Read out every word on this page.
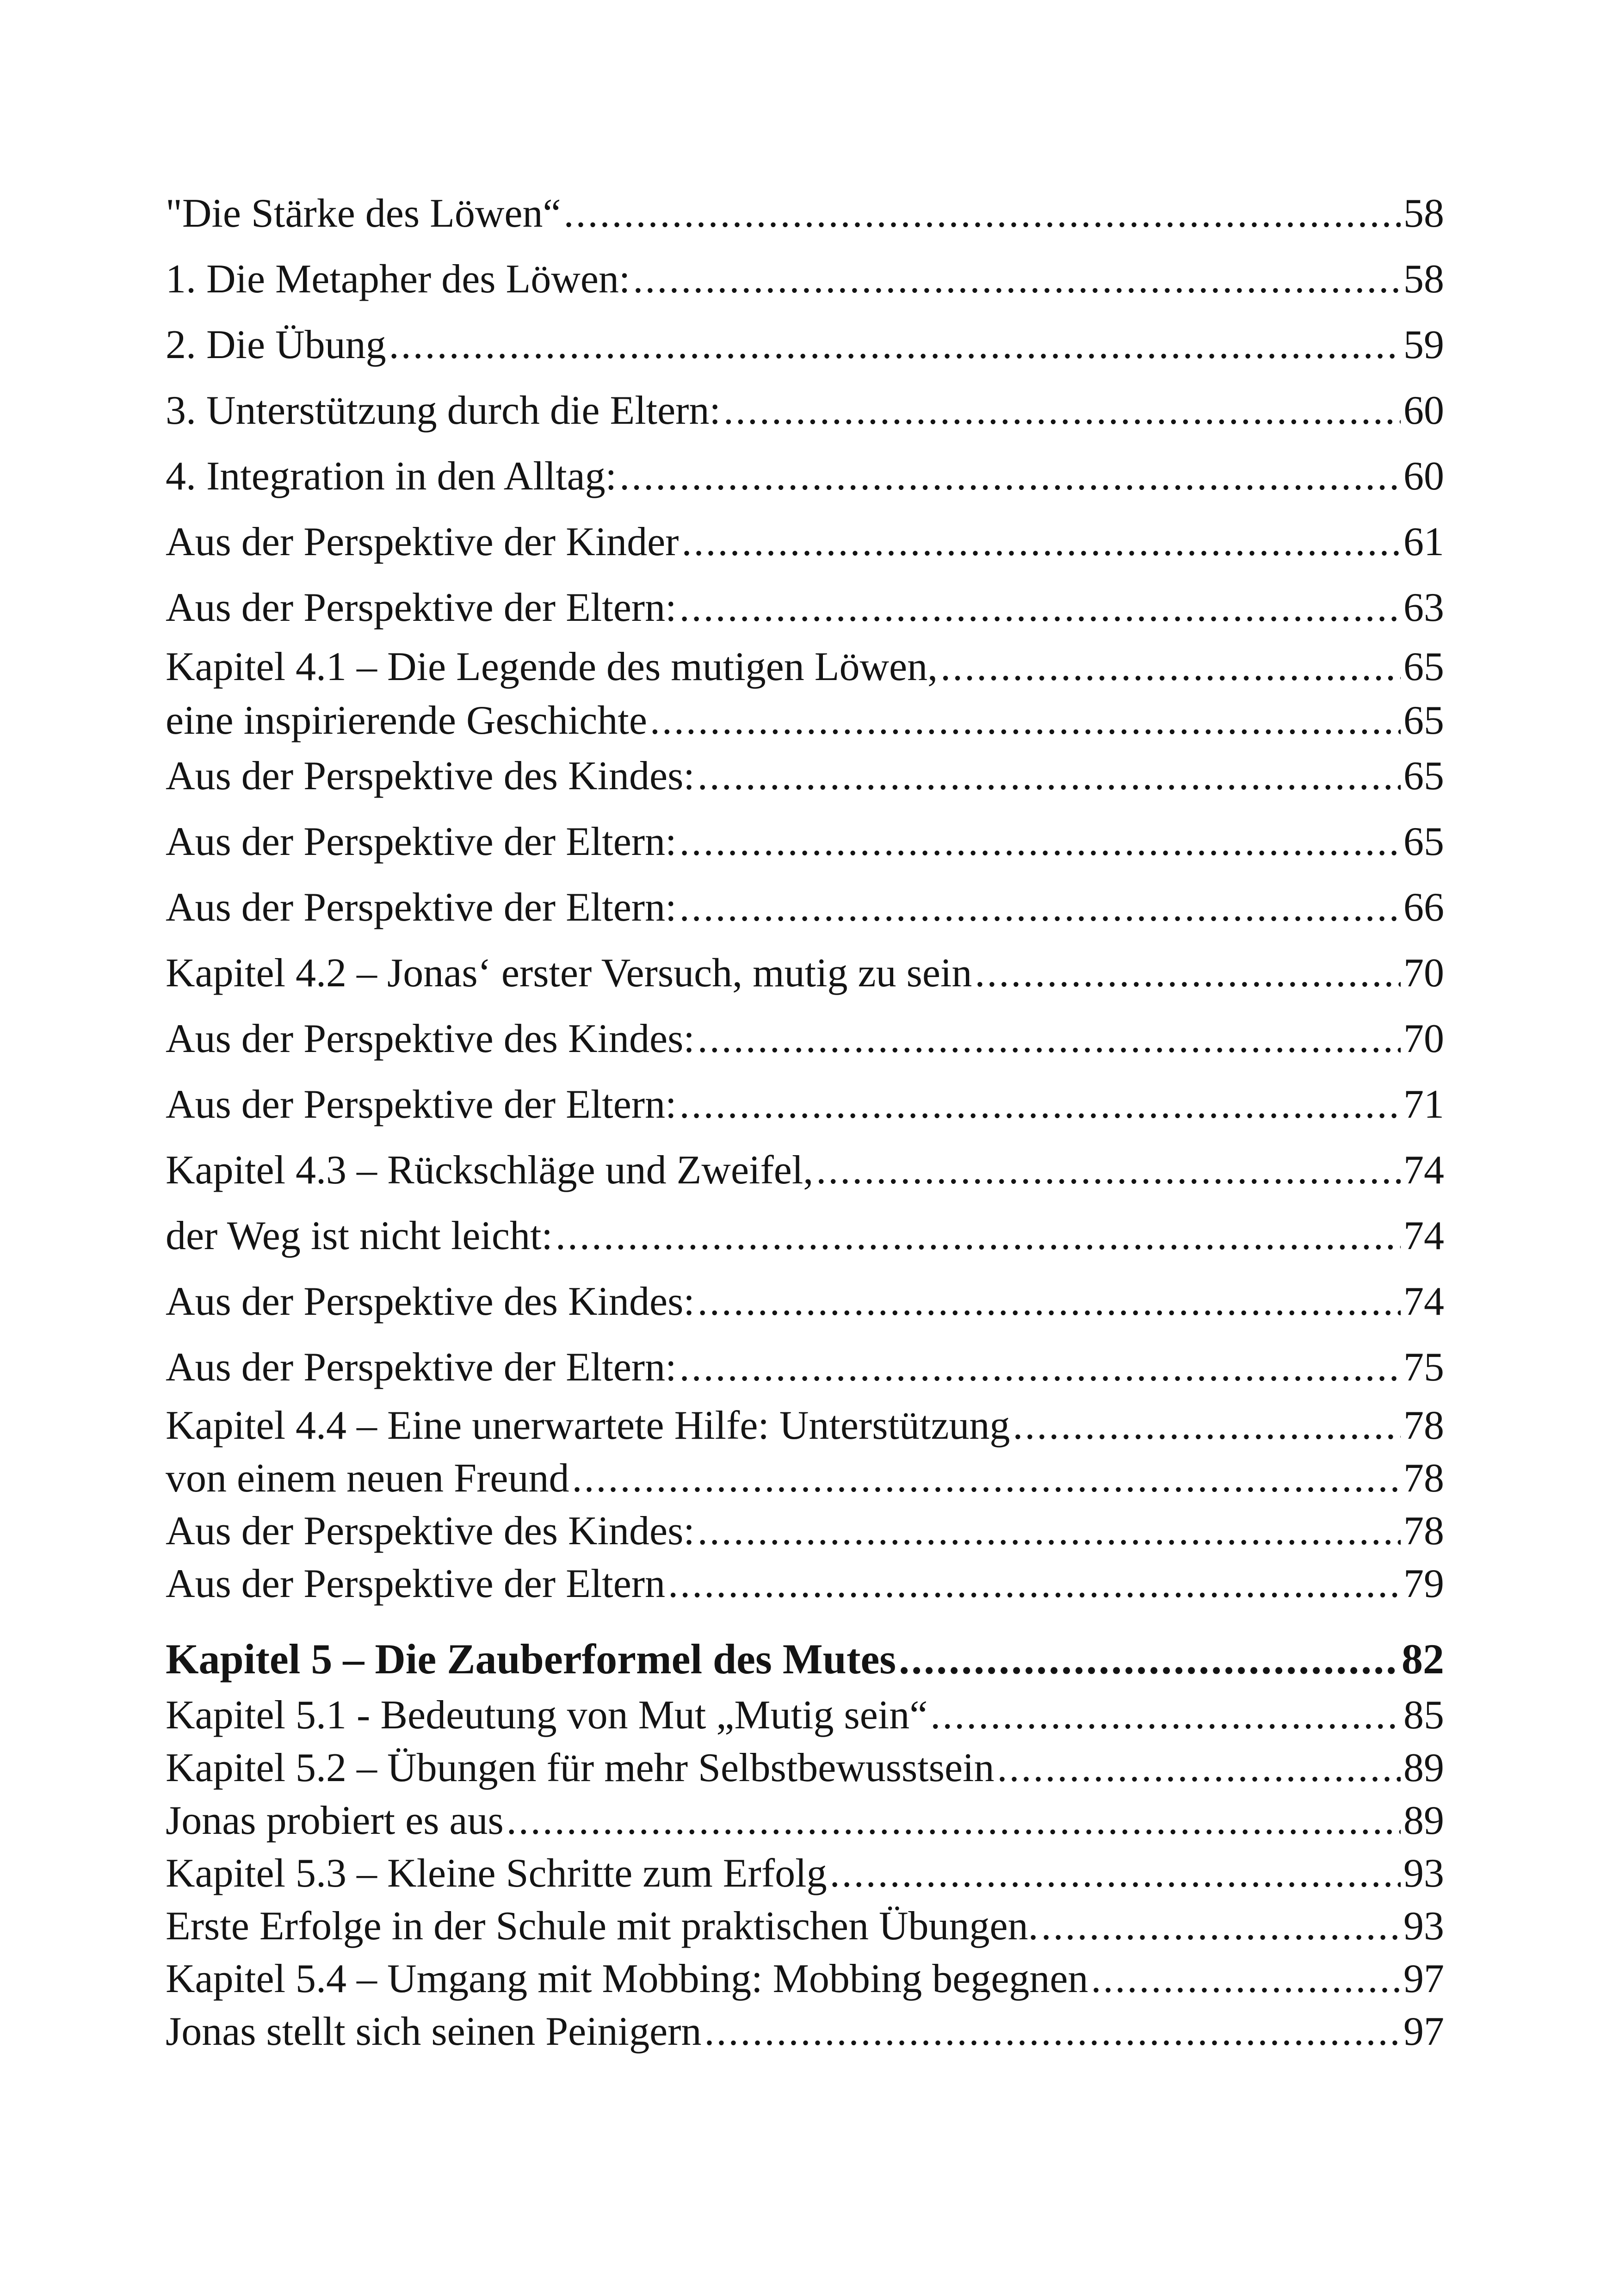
"Die Stärke des Löwen“ .....	58
1. Die Metapher des Löwen: .....	58
2. Die Übung .....	59
3. Unterstützung durch die Eltern: .....	60
4. Integration in den Alltag: .....	60
Aus der Perspektive der Kinder .....	61
Aus der Perspektive der Eltern: .....	63
Kapitel 4.1 – Die Legende des mutigen Löwen, .....	65
eine inspirierende Geschichte .....	65
Aus der Perspektive des Kindes: .....	65
Aus der Perspektive der Eltern: .....	65
Aus der Perspektive der Eltern: .....	66
Kapitel 4.2 – Jonas‘ erster Versuch, mutig zu sein .....	70
Aus der Perspektive des Kindes: .....	70
Aus der Perspektive der Eltern: .....	71
Kapitel 4.3 – Rückschläge und Zweifel, .....	74
der Weg ist nicht leicht: .....	74
Aus der Perspektive des Kindes: .....	74
Aus der Perspektive der Eltern: .....	75
Kapitel 4.4 – Eine unerwartete Hilfe: Unterstützung .....	78
von einem neuen Freund .....	78
Aus der Perspektive des Kindes: .....	78
Aus der Perspektive der Eltern .....	79
Kapitel 5 – Die Zauberformel des Mutes .....	82
Kapitel 5.1 - Bedeutung von Mut „Mutig sein“ .....	85
Kapitel 5.2 – Übungen für mehr Selbstbewusstsein .....	89
Jonas probiert es aus .....	89
Kapitel 5.3 – Kleine Schritte zum Erfolg .....	93
Erste Erfolge in der Schule mit praktischen Übungen. .....	93
Kapitel 5.4 – Umgang mit Mobbing: Mobbing begegnen .....	97
Jonas stellt sich seinen Peinigern .....	97
